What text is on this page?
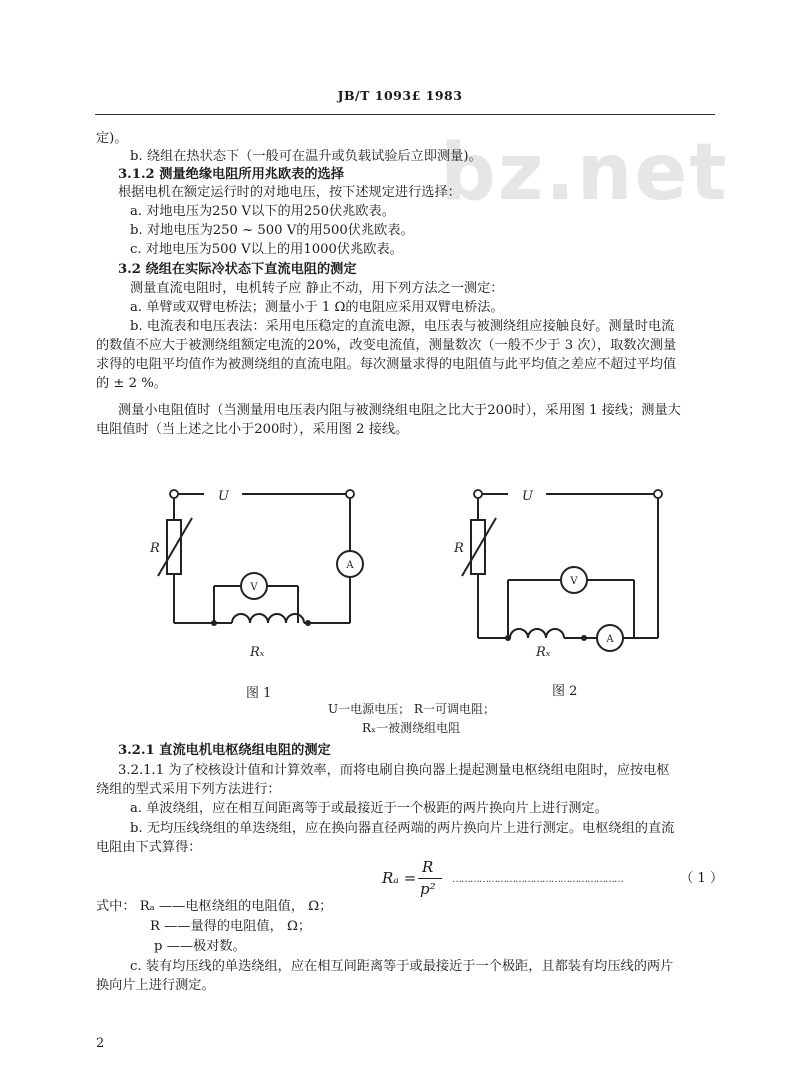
bz.net
JB/T 1093£ 1983
定)。
b. 绕组在热状态下（一般可在温升或负载试验后立即测量)。
3.1.2 测量绝缘电阻所用兆欧表的选择
根据电机在额定运行时的对地电压，按下述规定进行选择：
a. 对地电压为250 V以下的用250伏兆欧表。
b. 对地电压为250 ~ 500 V的用500伏兆欧表。
c. 对地电压为500 V以上的用1000伏兆欧表。
3.2 绕组在实际冷状态下直流电阻的测定
测量直流电阻时，电机转子应 静止不动，用下列方法之一测定：
a. 单臂或双臂电桥法；测量小于 1 Ω的电阻应采用双臂电桥法。
b. 电流表和电压表法：采用电压稳定的直流电源，电压表与被测绕组应接触良好。测量时电流
的数值不应大于被测绕组额定电流的20%，改变电流值，测量数次（一般不少于 3 次），取数次测量
求得的电阻平均值作为被测绕组的直流电阻。每次测量求得的电阻值与此平均值之差应不超过平均值
的 ± 2 %。
测量小电阻值时（当测量用电压表内阻与被测绕组电阻之比大于200时），采用图 1 接线；测量大
电阻值时（当上述之比小于200时），采用图 2 接线。
U
R
Rₓ
V
A
U
R
Rₓ
V
A
图 1	图 2
U一电源电压； R一可调电阻；
Rₓ一被测绕组电阻
3.2.1 直流电机电枢绕组电阻的测定
3.2.1.1 为了校核设计值和计算效率，而将电刷自换向器上提起测量电枢绕组电阻时，应按电枢
绕组的型式采用下列方法进行：
a. 单波绕组，应在相互间距离等于或最接近于一个极距的两片换向片上进行测定。
b. 无均压线绕组的单迭绕组，应在换向器直径两端的两片换向片上进行测定。电枢绕组的直流
电阻由下式算得：
Rₐ =
R
p²
…………………………………………………	（ 1 ）
式中： Rₐ ——电枢绕组的电阻值， Ω；
R ——量得的电阻值， Ω；
p ——极对数。
c. 装有均压线的单迭绕组，应在相互间距离等于或最接近于一个极距，且都装有均压线的两片
换向片上进行测定。
2
